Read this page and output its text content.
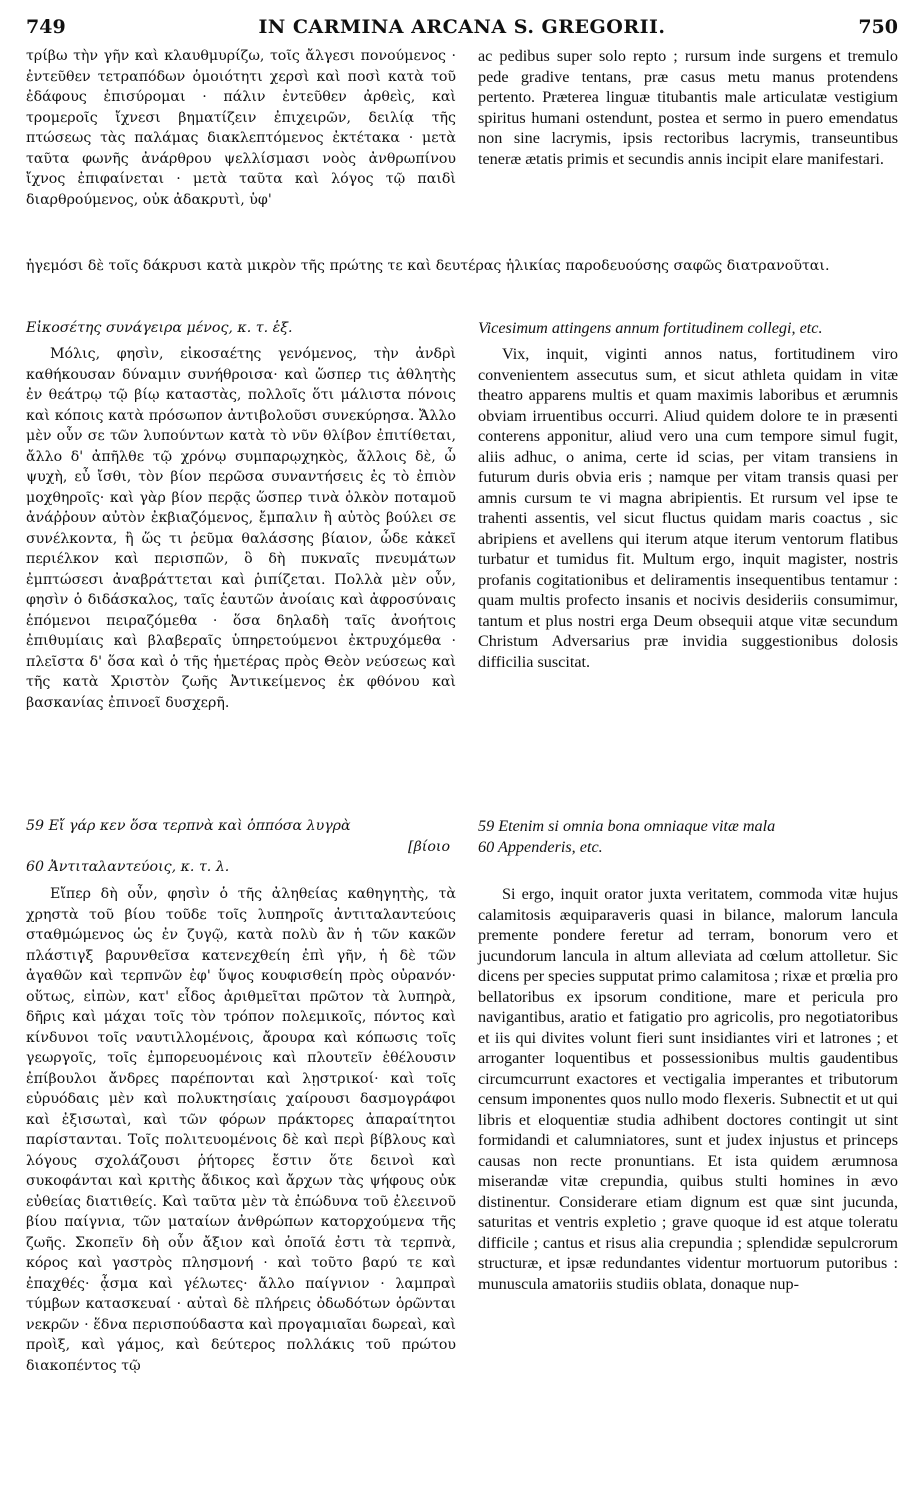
749	IN CARMINA ARCANA S. GREGORII.	750

τρίβω τὴν γῆν καὶ κλαυθμυρίζω, τοῖς ἄλγεσι πονούμενος · ἐντεῦθεν τετραπόδων ὁμοιότητι χερσὶ καὶ ποσὶ κατὰ τοῦ ἐδάφους ἐπισύρομαι · πάλιν ἐντεῦθεν ἀρθεὶς, καὶ τρομεροῖς ἴχνεσι βηματίζειν ἐπιχειρῶν, δειλίᾳ τῆς πτώσεως τὰς παλάμας διακλεπτόμενος ἐκτέτακα · μετὰ ταῦτα φωνῆς ἀνάρθρου ψελλίσμασι νοὸς ἀνθρωπίνου ἴχνος ἐπιφαίνεται · μετὰ ταῦτα καὶ λόγος τῷ παιδὶ διαρθρούμενος, οὐκ ἀδακρυτὶ, ὑφ'

ac pedibus super solo repto ; rursum inde surgens et tremulo pede gradive tentans, præ casus metu manus protendens pertento. Præterea linguæ titubantis male articulatæ vestigium spiritus humani ostendunt, postea et sermo in puero emendatus non sine lacrymis, ipsis rectoribus lacrymis, transeuntibus teneræ ætatis primis et secundis annis incipit elare manifestari.

ἡγεμόσι δὲ τοῖς δάκρυσι κατὰ μικρὸν τῆς πρώτης τε καὶ δευτέρας ἡλικίας παροδευούσης σαφῶς διατρανοῦται.

Εἰκοσέτης συνάγειρα μένος, κ. τ. ἑξ.	Vicesimum attingens annum fortitudinem collegi, etc.

Μόλις, φησὶν, εἰκοσαέτης γενόμενος, τὴν ἀνδρὶ καθήκουσαν δύναμιν συνήθροισα· καὶ ὥσπερ τις ἀθλητὴς ἐν θεάτρῳ τῷ βίῳ καταστὰς, πολλοῖς ὅτι μάλιστα πόνοις καὶ κόποις κατὰ πρόσωπον ἀντιβολοῦσι συνεκύρησα. Ἄλλο μὲν οὖν σε τῶν λυπούντων κατὰ τὸ νῦν θλίβον ἐπιτίθεται, ἄλλο δ' ἀπῆλθε τῷ χρόνῳ συμπαρῳχηκὸς, ἄλλοις δὲ, ὦ ψυχὴ, εὖ ἴσθι, τὸν βίον περῶσα συναντήσεις ἐς τὸ ἐπιὸν μοχθηροῖς· καὶ γὰρ βίον περᾷς ὥσπερ τινὰ ὁλκὸν ποταμοῦ ἀνάῤῥουν αὐτὸν ἐκβιαζόμενος, ἔμπαλιν ἢ αὐτὸς βούλει σε συνέλκοντα, ἢ ὥς τι ῥεῦμα θαλάσσης βίαιον, ὧδε κἀκεῖ περιέλκον καὶ περισπῶν, ὃ δὴ πυκναῖς πνευμάτων ἐμπτώσεσι ἀναβράττεται καὶ ῥιπίζεται. Πολλὰ μὲν οὖν, φησὶν ὁ διδάσκαλος, ταῖς ἑαυτῶν ἀνοίαις καὶ ἀφροσύναις ἑπόμενοι πειραζόμεθα · ὅσα δηλαδὴ ταῖς ἀνοήτοις ἐπιθυμίαις καὶ βλαβεραῖς ὑπηρετούμενοι ἐκτρυχόμεθα · πλεῖστα δ' ὅσα καὶ ὁ τῆς ἡμετέρας πρὸς Θεὸν νεύσεως καὶ τῆς κατὰ Χριστὸν ζωῆς Ἀντικείμενος ἐκ φθόνου καὶ βασκανίας ἐπινοεῖ δυσχερῆ.

Vix, inquit, viginti annos natus, fortitudinem viro convenientem assecutus sum, et sicut athleta quidam in vitæ theatro apparens multis et quam maximis laboribus et ærumnis obviam irruentibus occurri. Aliud quidem dolore te in præsenti conterens apponitur, aliud vero una cum tempore simul fugit, aliis adhuc, o anima, certe id scias, per vitam transiens in futurum duris obvia eris ; namque per vitam transis quasi per amnis cursum te vi magna abripientis. Et rursum vel ipse te trahenti assentis, vel sicut fluctus quidam maris coactus , sic abripiens et avellens qui iterum atque iterum ventorum flatibus turbatur et tumidus fit. Multum ergo, inquit magister, nostris profanis cogitationibus et deliramentis insequentibus tentamur : quam multis profecto insanis et nocivis desideriis consumimur, tantum et plus nostri erga Deum obsequii atque vitæ secundum Christum Adversarius præ invidia suggestionibus dolosis difficilia suscitat.

59 Εἴ γάρ κεν ὅσα τερπνὰ καὶ ὁππόσα λυγρὰ
[βίοιο
60 Ἀντιταλαντεύοις, κ. τ. λ.
59 Etenim si omnia bona omniaque vitæ mala
60 Appenderis, etc.

Εἴπερ δὴ οὖν, φησὶν ὁ τῆς ἀληθείας καθηγητὴς, τὰ χρηστὰ τοῦ βίου τοῦδε τοῖς λυπηροῖς ἀντιταλαντεύοις σταθμώμενος ὡς ἐν ζυγῷ, κατὰ πολὺ ἂν ἡ τῶν κακῶν πλάστιγξ βαρυνθεῖσα κατενεχθείη ἐπὶ γῆν, ἡ δὲ τῶν ἀγαθῶν καὶ τερπνῶν ἐφ' ὕψος κουφισθείη πρὸς οὐρανόν· οὕτως, εἰπὼν, κατ' εἶδος ἀριθμεῖται πρῶτον τὰ λυπηρὰ, δῆρις καὶ μάχαι τοῖς τὸν τρόπον πολεμικοῖς, πόντος καὶ κίνδυνοι τοῖς ναυτιλλομένοις, ἄρουρα καὶ κόπωσις τοῖς γεωργοῖς, τοῖς ἐμπορευομένοις καὶ πλουτεῖν ἐθέλουσιν ἐπίβουλοι ἄνδρες παρέπονται καὶ λῃστρικοί· καὶ τοῖς εὐρυόδαις μὲν καὶ πολυκτησίαις χαίρουσι δασμογράφοι καὶ ἐξισωταὶ, καὶ τῶν φόρων πράκτορες ἀπαραίτητοι παρίστανται. Τοῖς πολιτευομένοις δὲ καὶ περὶ βίβλους καὶ λόγους σχολάζουσι ῥήτορες ἔστιν ὅτε δεινοὶ καὶ συκοφάνται καὶ κριτὴς ἄδικος καὶ ἄρχων τὰς ψήφους οὐκ εὐθείας διατιθείς. Καὶ ταῦτα μὲν τὰ ἐπώδυνα τοῦ ἐλεεινοῦ βίου παίγνια, τῶν ματαίων ἀνθρώπων κατορχούμενα τῆς ζωῆς. Σκοπεῖν δὴ οὖν ἄξιον καὶ ὁποῖά ἐστι τὰ τερπνὰ, κόρος καὶ γαστρὸς πλησμονή · καὶ τοῦτο βαρύ τε καὶ ἐπαχθές· ᾆσμα καὶ γέλωτες· ἄλλο παίγνιον · λαμπραὶ τύμβων κατασκευαί · αὐταὶ δὲ πλήρεις ὀδωδότων ὁρῶνται νεκρῶν · ἕδνα περισπούδαστα καὶ προγαμιαῖαι δωρεαὶ, καὶ προὶξ, καὶ γάμος, καὶ δεύτερος πολλάκις τοῦ πρώτου διακοπέντος τῷ

Si ergo, inquit orator juxta veritatem, commoda vitæ hujus calamitosis æquiparaveris quasi in bilance, malorum lancula premente pondere feretur ad terram, bonorum vero et jucundorum lancula in altum alleviata ad cœlum attolletur. Sic dicens per species supputat primo calamitosa ; rixæ et prœlia pro bellatoribus ex ipsorum conditione, mare et pericula pro navigantibus, aratio et fatigatio pro agricolis, pro negotiatoribus et iis qui divites volunt fieri sunt insidiantes viri et latrones ; et arroganter loquentibus et possessionibus multis gaudentibus circumcurrunt exactores et vectigalia imperantes et tributorum censum imponentes quos nullo modo flexeris. Subnectit et ut qui libris et eloquentiæ studia adhibent doctores contingit ut sint formidandi et calumniatores, sunt et judex injustus et princeps causas non recte pronuntians. Et ista quidem ærumnosa miserandæ vitæ crepundia, quibus stulti homines in ævo distinentur. Considerare etiam dignum est quæ sint jucunda, saturitas et ventris expletio ; grave quoque id est atque toleratu difficile ; cantus et risus alia crepundia ; splendidæ sepulcrorum structuræ, et ipsæ redundantes videntur mortuorum putoribus : munuscula amatoriis studiis oblata, donaque nup-
